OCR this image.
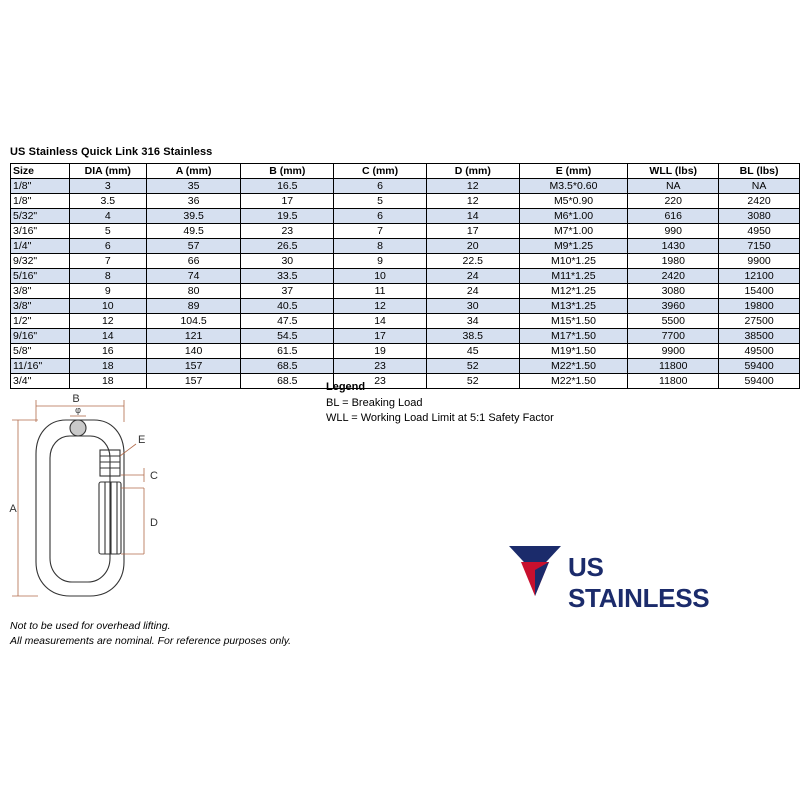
US Stainless Quick Link 316 Stainless
Size	DIA (mm)	A (mm)	B (mm)	C (mm)	D (mm)	E (mm)	WLL (lbs)	BL (lbs)
1/8"	3	35	16.5	6	12	M3.5*0.60	NA	NA
1/8"	3.5	36	17	5	12	M5*0.90	220	2420
5/32"	4	39.5	19.5	6	14	M6*1.00	616	3080
3/16"	5	49.5	23	7	17	M7*1.00	990	4950
1/4"	6	57	26.5	8	20	M9*1.25	1430	7150
9/32"	7	66	30	9	22.5	M10*1.25	1980	9900
5/16"	8	74	33.5	10	24	M11*1.25	2420	12100
3/8"	9	80	37	11	24	M12*1.25	3080	15400
3/8"	10	89	40.5	12	30	M13*1.25	3960	19800
1/2"	12	104.5	47.5	14	34	M15*1.50	5500	27500
9/16"	14	121	54.5	17	38.5	M17*1.50	7700	38500
5/8"	16	140	61.5	19	45	M19*1.50	9900	49500
11/16"	18	157	68.5	23	52	M22*1.50	11800	59400
3/4"	18	157	68.5	23	52	M22*1.50	11800	59400
B
φ
A
C
D
E
Legend
BL = Breaking Load
WLL = Working Load Limit at 5:1 Safety Factor
Not to be used for overhead lifting.
All measurements are nominal. For reference purposes only.
US STAINLESS
